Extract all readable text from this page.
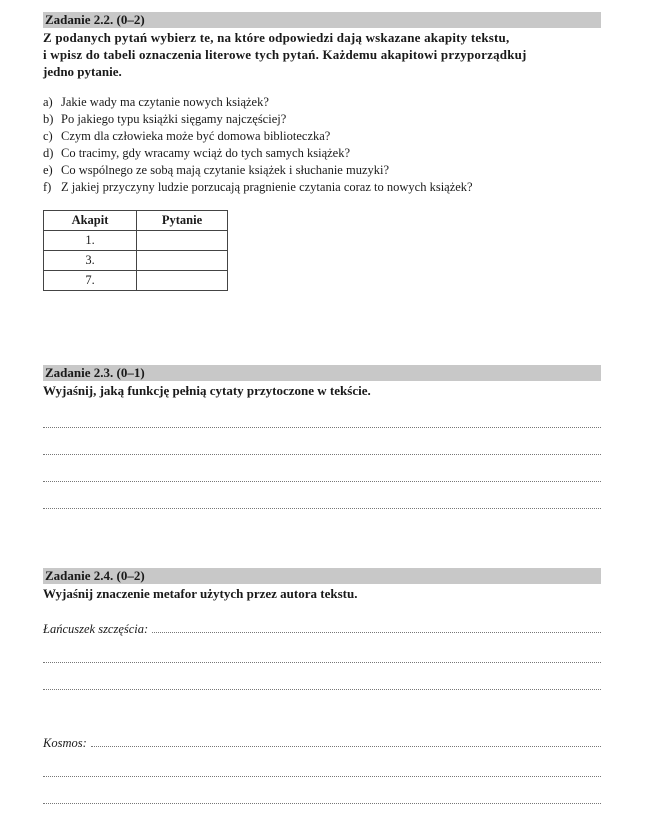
Zadanie 2.2. (0–2)
Z podanych pytań wybierz te, na które odpowiedzi dają wskazane akapity tekstu,
i wpisz do tabeli oznaczenia literowe tych pytań. Każdemu akapitowi przyporządkuj
jedno pytanie.
a) Jakie wady ma czytanie nowych książek?
b) Po jakiego typu książki sięgamy najczęściej?
c) Czym dla człowieka może być domowa biblioteczka?
d) Co tracimy, gdy wracamy wciąż do tych samych książek?
e) Co wspólnego ze sobą mają czytanie książek i słuchanie muzyki?
f) Z jakiej przyczyny ludzie porzucają pragnienie czytania coraz to nowych książek?
Akapit	Pytanie
1.	
3.	
7.	
Zadanie 2.3. (0–1)
Wyjaśnij, jaką funkcję pełnią cytaty przytoczone w tekście.
Zadanie 2.4. (0–2)
Wyjaśnij znaczenie metafor użytych przez autora tekstu.
Łańcuszek szczęścia:
Kosmos:
